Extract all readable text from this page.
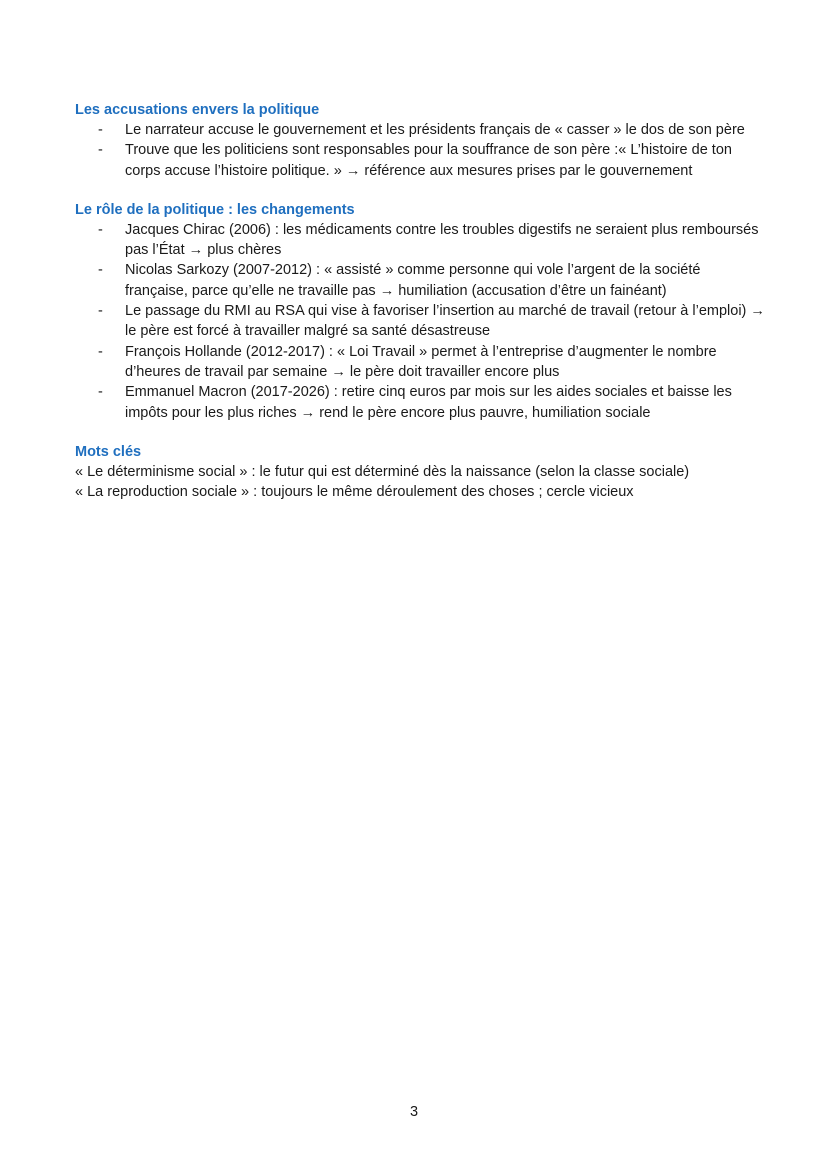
Les accusations envers la politique

- Le narrateur accuse le gouvernement et les présidents français de « casser » le dos de son père
- Trouve que les politiciens sont responsables pour la souffrance de son père :« L’histoire de ton corps accuse l’histoire politique. » → référence aux mesures prises par le gouvernement

Le rôle de la politique : les changements

- Jacques Chirac (2006) : les médicaments contre les troubles digestifs ne seraient plus remboursés pas l’État → plus chères
- Nicolas Sarkozy (2007-2012) : « assisté » comme personne qui vole l’argent de la société française, parce qu’elle ne travaille pas → humiliation (accusation d’être un fainéant)
- Le passage du RMI au RSA qui vise à favoriser l’insertion au marché de travail (retour à l’emploi) → le père est forcé à travailler malgré sa santé désastreuse
- François Hollande (2012-2017) : « Loi Travail » permet à l’entreprise d’augmenter le nombre d’heures de travail par semaine → le père doit travailler encore plus
- Emmanuel Macron (2017-2026) : retire cinq euros par mois sur les aides sociales et baisse les impôts pour les plus riches → rend le père encore plus pauvre, humiliation sociale

Mots clés

« Le déterminisme social » : le futur qui est déterminé dès la naissance (selon la classe sociale)

« La reproduction sociale » : toujours le même déroulement des choses ; cercle vicieux

3
